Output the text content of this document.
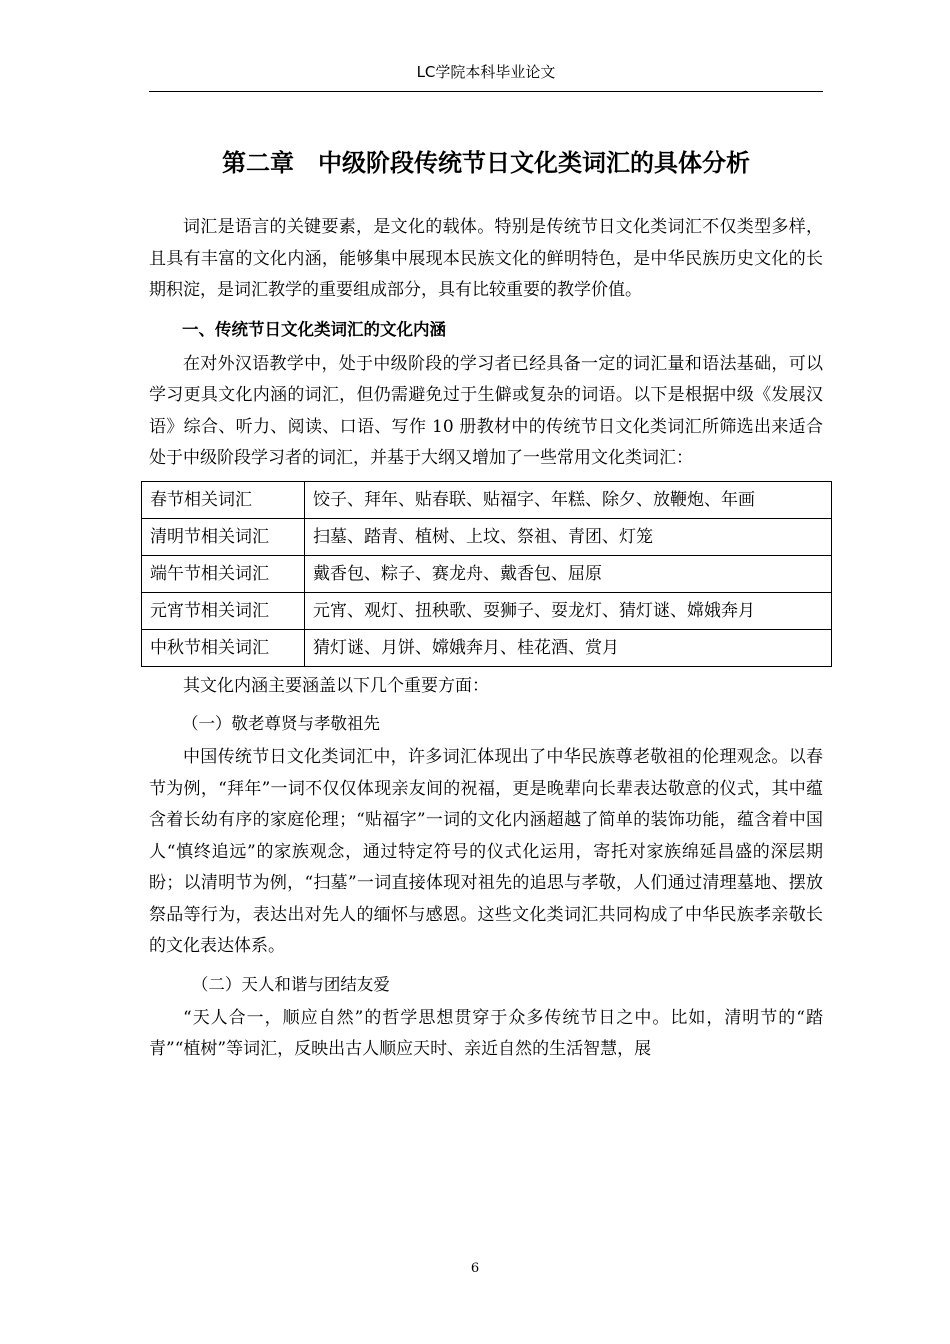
LC学院本科毕业论文
第二章　中级阶段传统节日文化类词汇的具体分析

词汇是语言的关键要素，是文化的载体。特别是传统节日文化类词汇不仅类型多样，且具有丰富的文化内涵，能够集中展现本民族文化的鲜明特色，是中华民族历史文化的长期积淀，是词汇教学的重要组成部分，具有比较重要的教学价值。

一、传统节日文化类词汇的文化内涵

在对外汉语教学中，处于中级阶段的学习者已经具备一定的词汇量和语法基础，可以学习更具文化内涵的词汇，但仍需避免过于生僻或复杂的词语。以下是根据中级《发展汉语》综合、听力、阅读、口语、写作 10 册教材中的传统节日文化类词汇所筛选出来适合处于中级阶段学习者的词汇，并基于大纲又增加了一些常用文化类词汇：

春节相关词汇	饺子、拜年、贴春联、贴福字、年糕、除夕、放鞭炮、年画
清明节相关词汇	扫墓、踏青、植树、上坟、祭祖、青团、灯笼
端午节相关词汇	戴香包、粽子、赛龙舟、戴香包、屈原
元宵节相关词汇	元宵、观灯、扭秧歌、耍狮子、耍龙灯、猜灯谜、嫦娥奔月
中秋节相关词汇	猜灯谜、月饼、嫦娥奔月、桂花酒、赏月

其文化内涵主要涵盖以下几个重要方面：

（一）敬老尊贤与孝敬祖先

中国传统节日文化类词汇中，许多词汇体现出了中华民族尊老敬祖的伦理观念。以春节为例，“拜年”一词不仅仅体现亲友间的祝福，更是晚辈向长辈表达敬意的仪式，其中蕴含着长幼有序的家庭伦理；“贴福字”一词的文化内涵超越了简单的装饰功能，蕴含着中国人“慎终追远”的家族观念，通过特定符号的仪式化运用，寄托对家族绵延昌盛的深层期盼；以清明节为例，“扫墓”一词直接体现对祖先的追思与孝敬，人们通过清理墓地、摆放祭品等行为，表达出对先人的缅怀与感恩。这些文化类词汇共同构成了中华民族孝亲敬长的文化表达体系。

（二）天人和谐与团结友爱

“天人合一，顺应自然”的哲学思想贯穿于众多传统节日之中。比如，清明节的“踏青”“植树”等词汇，反映出古人顺应天时、亲近自然的生活智慧，展

6
